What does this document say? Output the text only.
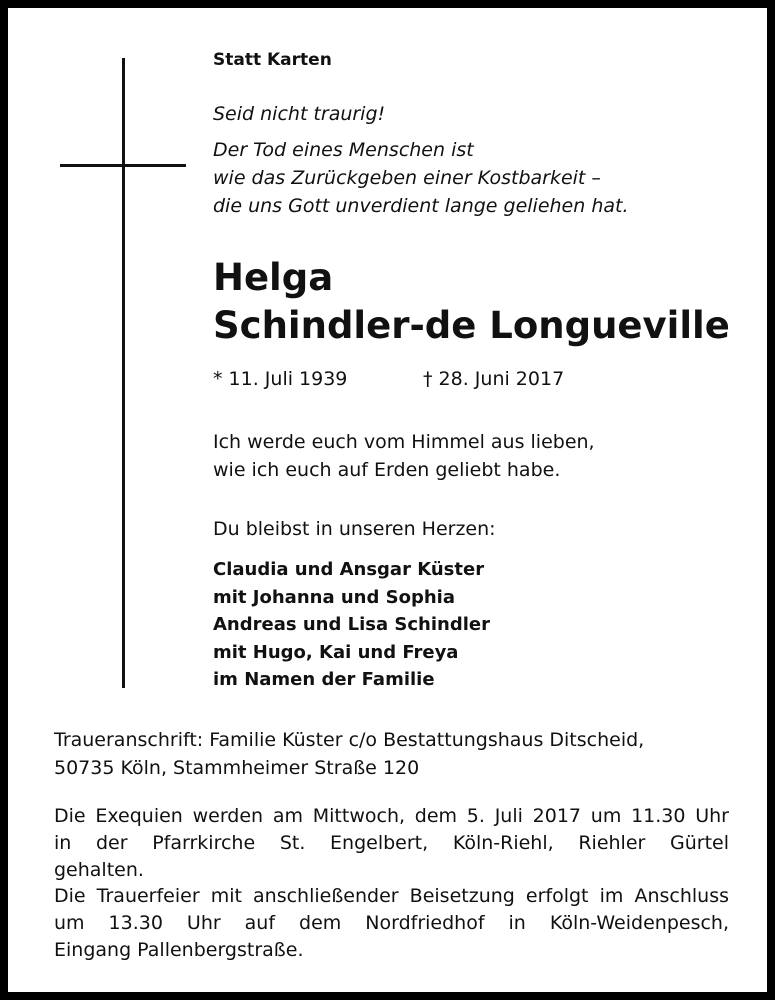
Statt Karten
Seid nicht traurig!
Der Tod eines Menschen ist
wie das Zurückgeben einer Kostbarkeit –
die uns Gott unverdient lange geliehen hat.
Helga
Schindler-de Longueville
* 11. Juli 1939	† 28. Juni 2017
Ich werde euch vom Himmel aus lieben,
wie ich euch auf Erden geliebt habe.
Du bleibst in unseren Herzen:
Claudia und Ansgar Küster
mit Johanna und Sophia
Andreas und Lisa Schindler
mit Hugo, Kai und Freya
im Namen der Familie
Traueranschrift: Familie Küster c/o Bestattungshaus Ditscheid,
50735 Köln, Stammheimer Straße 120
Die Exequien werden am Mittwoch, dem 5. Juli 2017 um 11.30 Uhr
in der Pfarrkirche St. Engelbert, Köln-Riehl, Riehler Gürtel
gehalten.
Die Trauerfeier mit anschließender Beisetzung erfolgt im Anschluss
um 13.30 Uhr auf dem Nordfriedhof in Köln-Weidenpesch,
Eingang Pallenbergstraße.
